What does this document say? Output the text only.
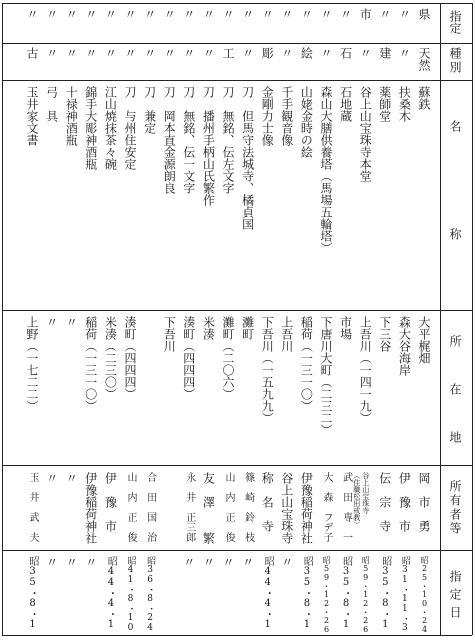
指定
種別
名称
所在地
所有者等
指定日
県
天然
蘇鉄
大平梶畑
岡　市　勇
昭25・10・24
〃
〃
扶桑木
森大谷海岸
伊　豫　市
昭31・11・3
〃
建
薬師堂
下三谷
伝　宗　寺
昭35・8・1
市
〃
谷上山宝珠寺本堂
上吾川（一四一九）
谷上山宝珠寺
（住職松田戒教）
昭59・12・26
〃
石
石地蔵
市場
武　田　専　一
昭35・8・1
〃
〃
森山大膳供養塔（馬場五輪塔）
下唐川大町（二三二）
大　森　フデ子
昭59・12・26
〃
絵
山姥金時の絵
稲荷（一三一〇）
伊豫稲荷神社
昭35・8・1
〃
〃
千手観音像
上吾川
谷上山宝珠寺
〃
〃
彫
金剛力士像
下吾川（一五九九）
称　名　寺
昭44・4・1
〃
〃
刀　但馬守法城寺、橘貞国
灘町
篠　崎　鈴　枝
〃
〃
工
刀　無銘、伝左文字
灘町（二〇六）
山　内　正　俊
〃
〃
〃
刀　播州手柄山氏繁作
米湊
友　澤　　繁
〃
〃
〃
刀　無銘、伝一文字
湊町（四四四）
永　井　正三郎
〃
〃
〃
刀　岡本直金源朗良
下吾川
〃
〃
刀　兼定
合　田　国　治
昭36・8・24
〃
〃
刀　与州住安定
湊町（四四四）
山　内　正　俊
昭41・8・10
〃
〃
江山焼抹茶々碗
米湊（二三〇）
伊　豫　市
昭44・4・1
〃
〃
錦手大彫神酒瓶
稲荷（一三一〇）
伊豫稲荷神社
〃
〃
〃
十禄神酒瓶
〃
〃
〃
〃
〃
弓　具
〃
〃
〃
〃
古
玉井家文書
上野（一七二二）
玉　井　武　夫
昭35・8・1
